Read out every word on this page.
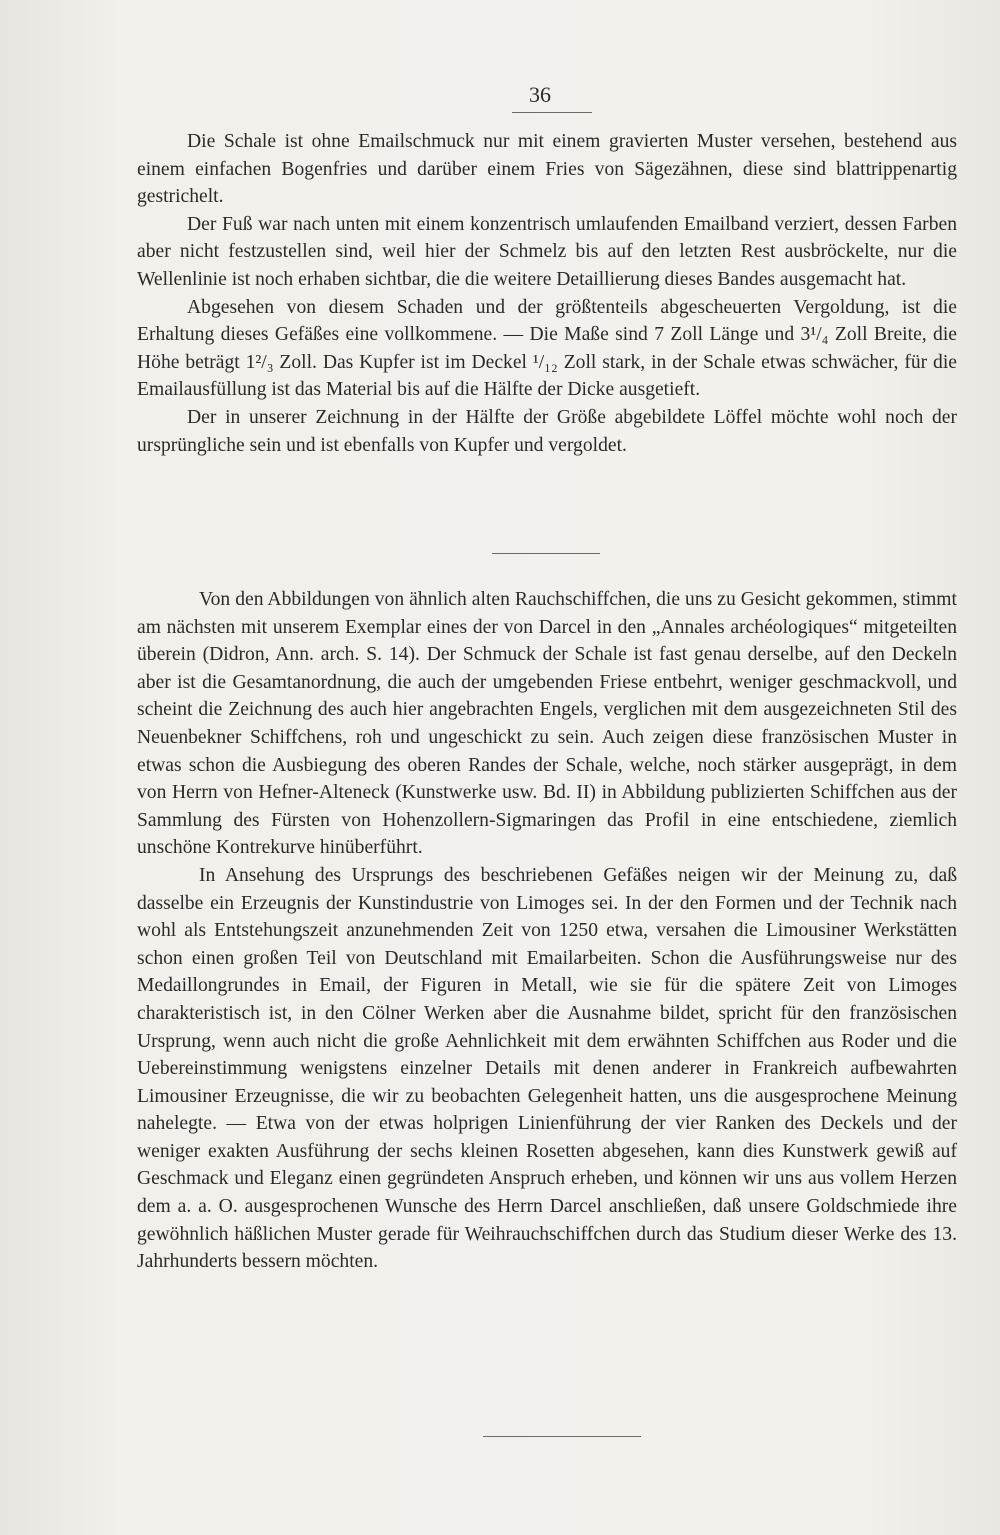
36

Die Schale ist ohne Emailschmuck nur mit einem gravierten Muster versehen, bestehend aus einem einfachen Bogenfries und darüber einem Fries von Sägezähnen, diese sind blattrippenartig gestrichelt.

Der Fuß war nach unten mit einem konzentrisch umlaufenden Emailband verziert, dessen Farben aber nicht festzustellen sind, weil hier der Schmelz bis auf den letzten Rest ausbröckelte, nur die Wellenlinie ist noch erhaben sichtbar, die die weitere Detaillierung dieses Bandes ausgemacht hat.

Abgesehen von diesem Schaden und der größtenteils abgescheuerten Vergoldung, ist die Erhaltung dieses Gefäßes eine vollkommene. — Die Maße sind 7 Zoll Länge und 3¹/₄ Zoll Breite, die Höhe beträgt 1²/₃ Zoll. Das Kupfer ist im Deckel ¹/₁₂ Zoll stark, in der Schale etwas schwächer, für die Emailausfüllung ist das Material bis auf die Hälfte der Dicke ausgetieft.

Der in unserer Zeichnung in der Hälfte der Größe abgebildete Löffel möchte wohl noch der ursprüngliche sein und ist ebenfalls von Kupfer und vergoldet.

Von den Abbildungen von ähnlich alten Rauchschiffchen, die uns zu Gesicht gekommen, stimmt am nächsten mit unserem Exemplar eines der von Darcel in den „Annales archéologiques“ mitgeteilten überein (Didron, Ann. arch. S. 14). Der Schmuck der Schale ist fast genau derselbe, auf den Deckeln aber ist die Gesamtanordnung, die auch der umgebenden Friese entbehrt, weniger geschmackvoll, und scheint die Zeichnung des auch hier angebrachten Engels, verglichen mit dem ausgezeichneten Stil des Neuenbekner Schiffchens, roh und ungeschickt zu sein. Auch zeigen diese französischen Muster in etwas schon die Ausbiegung des oberen Randes der Schale, welche, noch stärker ausgeprägt, in dem von Herrn von Hefner-Alteneck (Kunstwerke usw. Bd. II) in Abbildung publizierten Schiffchen aus der Sammlung des Fürsten von Hohenzollern-Sigmaringen das Profil in eine entschiedene, ziemlich unschöne Kontrekurve hinüberführt.

In Ansehung des Ursprungs des beschriebenen Gefäßes neigen wir der Meinung zu, daß dasselbe ein Erzeugnis der Kunstindustrie von Limoges sei. In der den Formen und der Technik nach wohl als Entstehungszeit anzunehmenden Zeit von 1250 etwa, versahen die Limousiner Werkstätten schon einen großen Teil von Deutschland mit Emailarbeiten. Schon die Ausführungsweise nur des Medaillongrundes in Email, der Figuren in Metall, wie sie für die spätere Zeit von Limoges charakteristisch ist, in den Cölner Werken aber die Ausnahme bildet, spricht für den französischen Ursprung, wenn auch nicht die große Aehnlichkeit mit dem erwähnten Schiffchen aus Roder und die Uebereinstimmung wenigstens einzelner Details mit denen anderer in Frankreich aufbewahrten Limousiner Erzeugnisse, die wir zu beobachten Gelegenheit hatten, uns die ausgesprochene Meinung nahelegte. — Etwa von der etwas holprigen Linienführung der vier Ranken des Deckels und der weniger exakten Ausführung der sechs kleinen Rosetten abgesehen, kann dies Kunstwerk gewiß auf Geschmack und Eleganz einen gegründeten Anspruch erheben, und können wir uns aus vollem Herzen dem a. a. O. ausgesprochenen Wunsche des Herrn Darcel anschließen, daß unsere Goldschmiede ihre gewöhnlich häßlichen Muster gerade für Weihrauchschiffchen durch das Studium dieser Werke des 13. Jahrhunderts bessern möchten.
